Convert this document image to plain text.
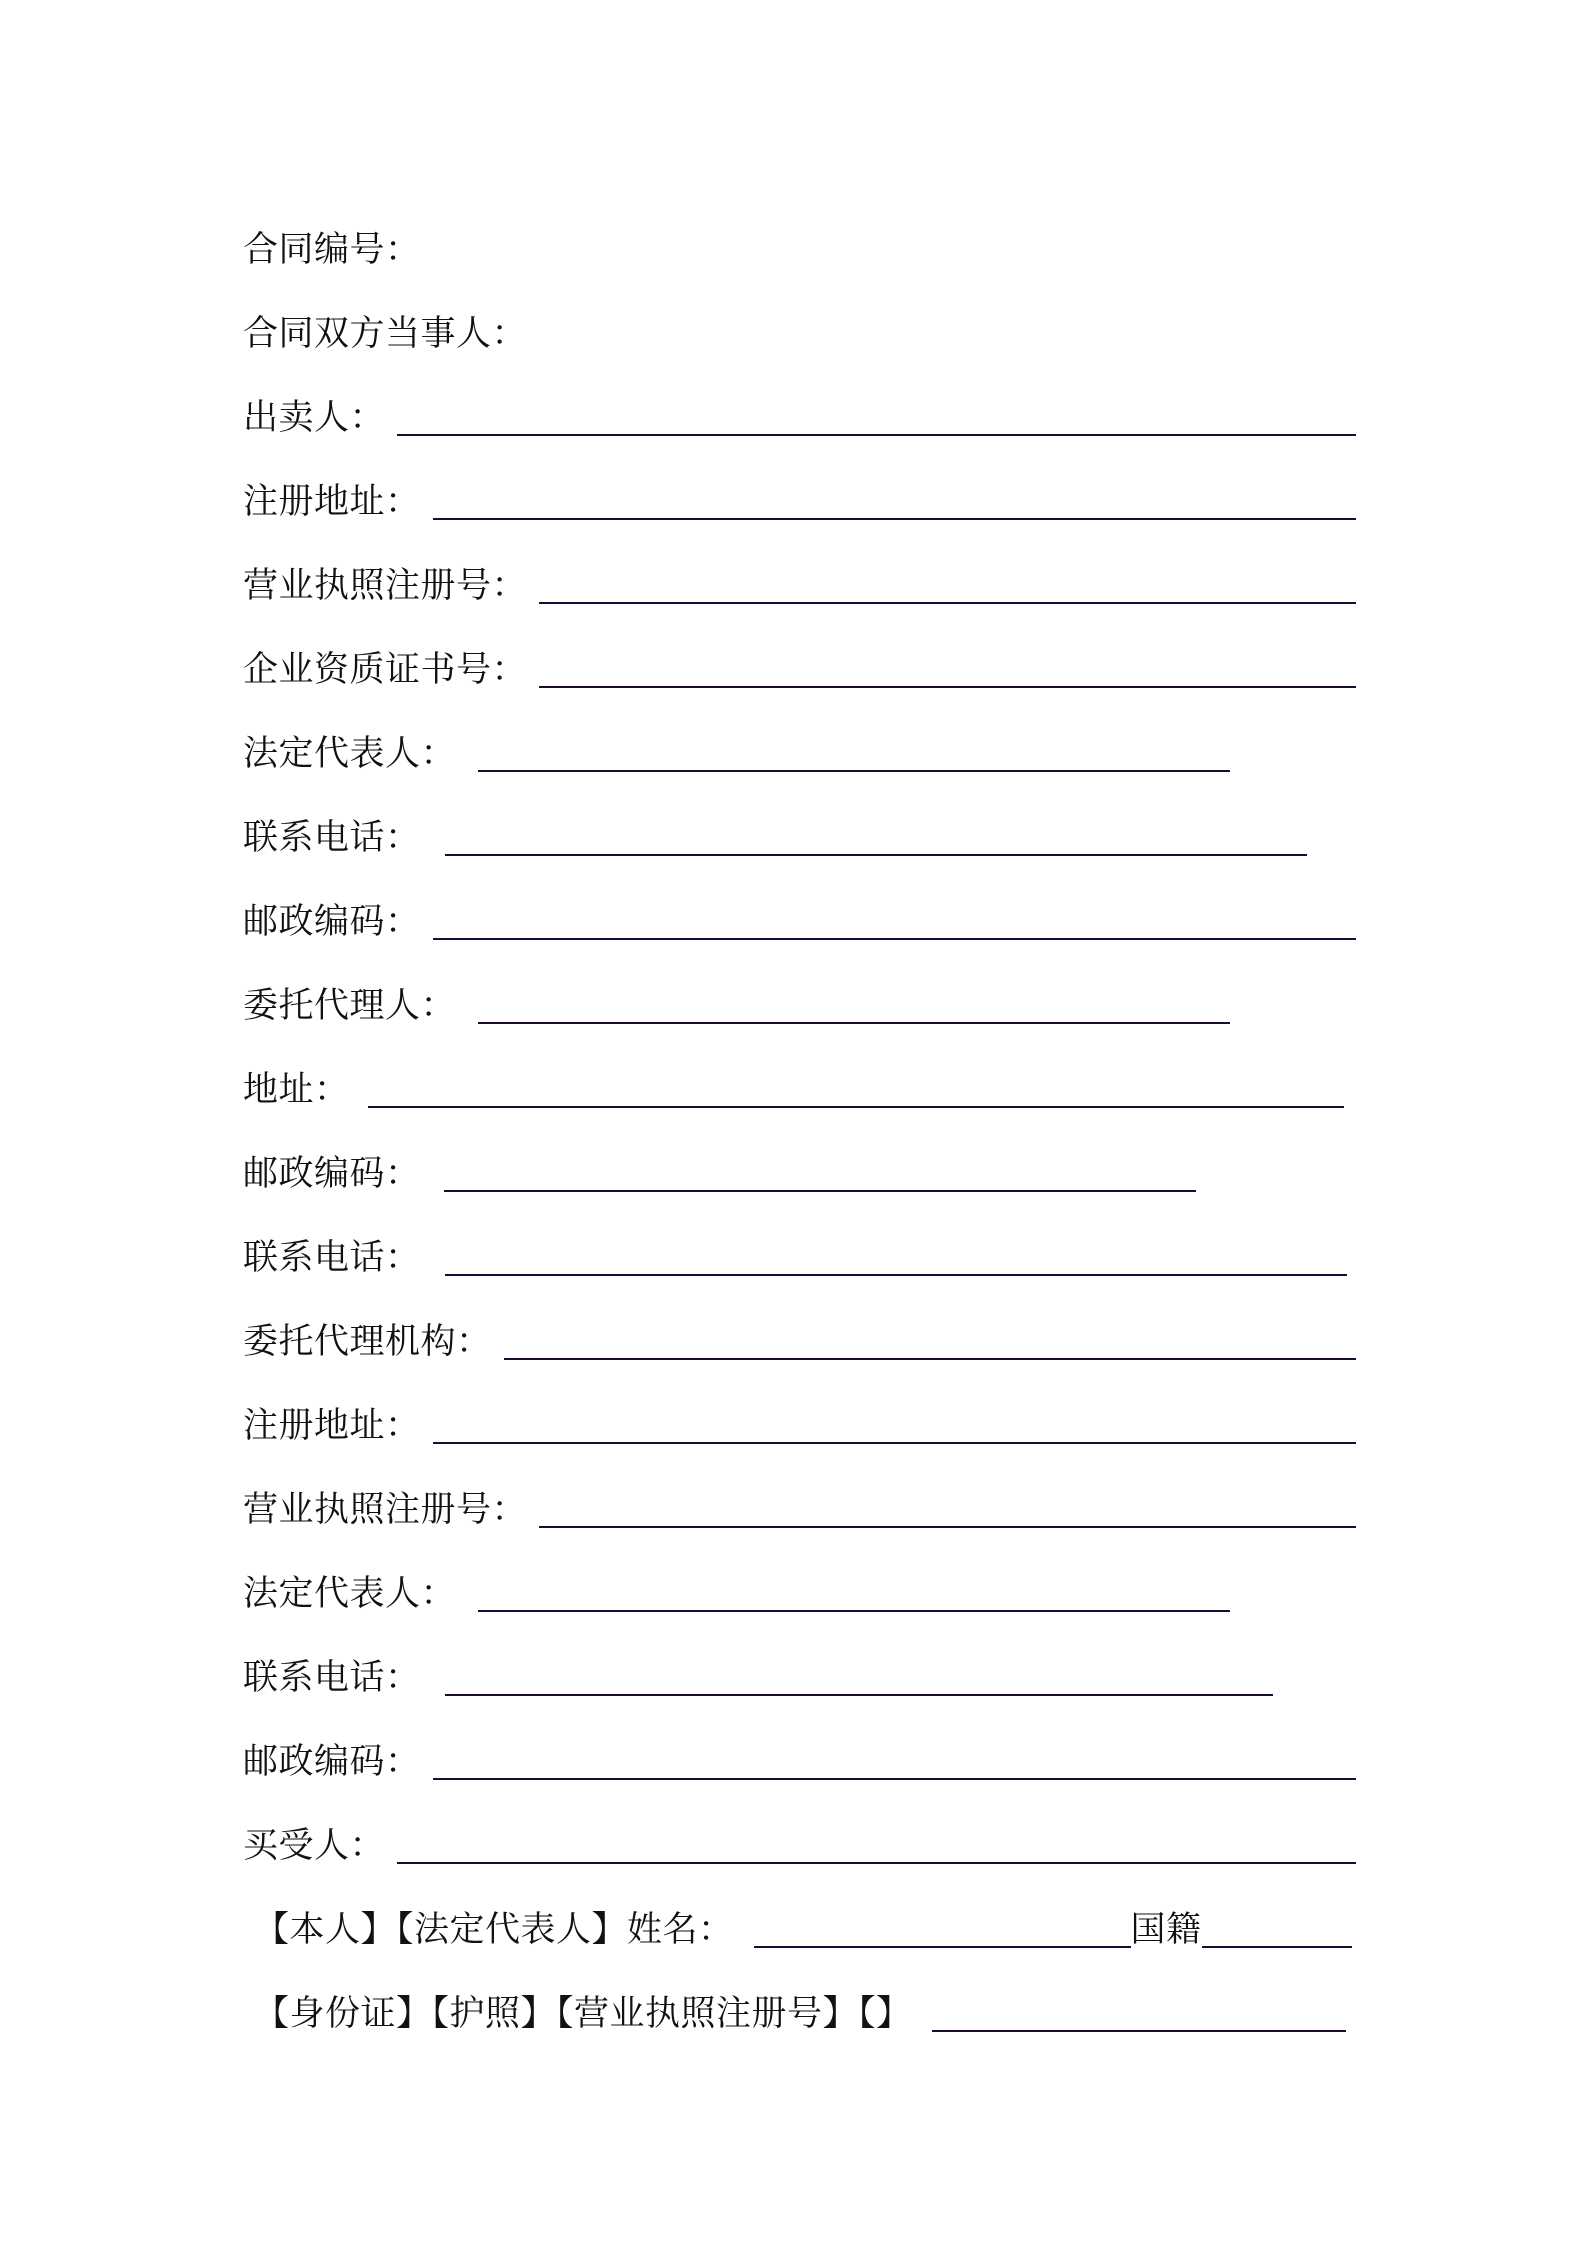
合同编号：
合同双方当事人：
出卖人：
注册地址：
营业执照注册号：
企业资质证书号：
法定代表人：
联系电话：
邮政编码：
委托代理人：
地址：
邮政编码：
联系电话：
委托代理机构：
注册地址：
营业执照注册号：
法定代表人：
联系电话：
邮政编码：
买受人：
【本人】【法定代表人】姓名：	国籍
【身份证】【护照】【营业执照注册号】【】
